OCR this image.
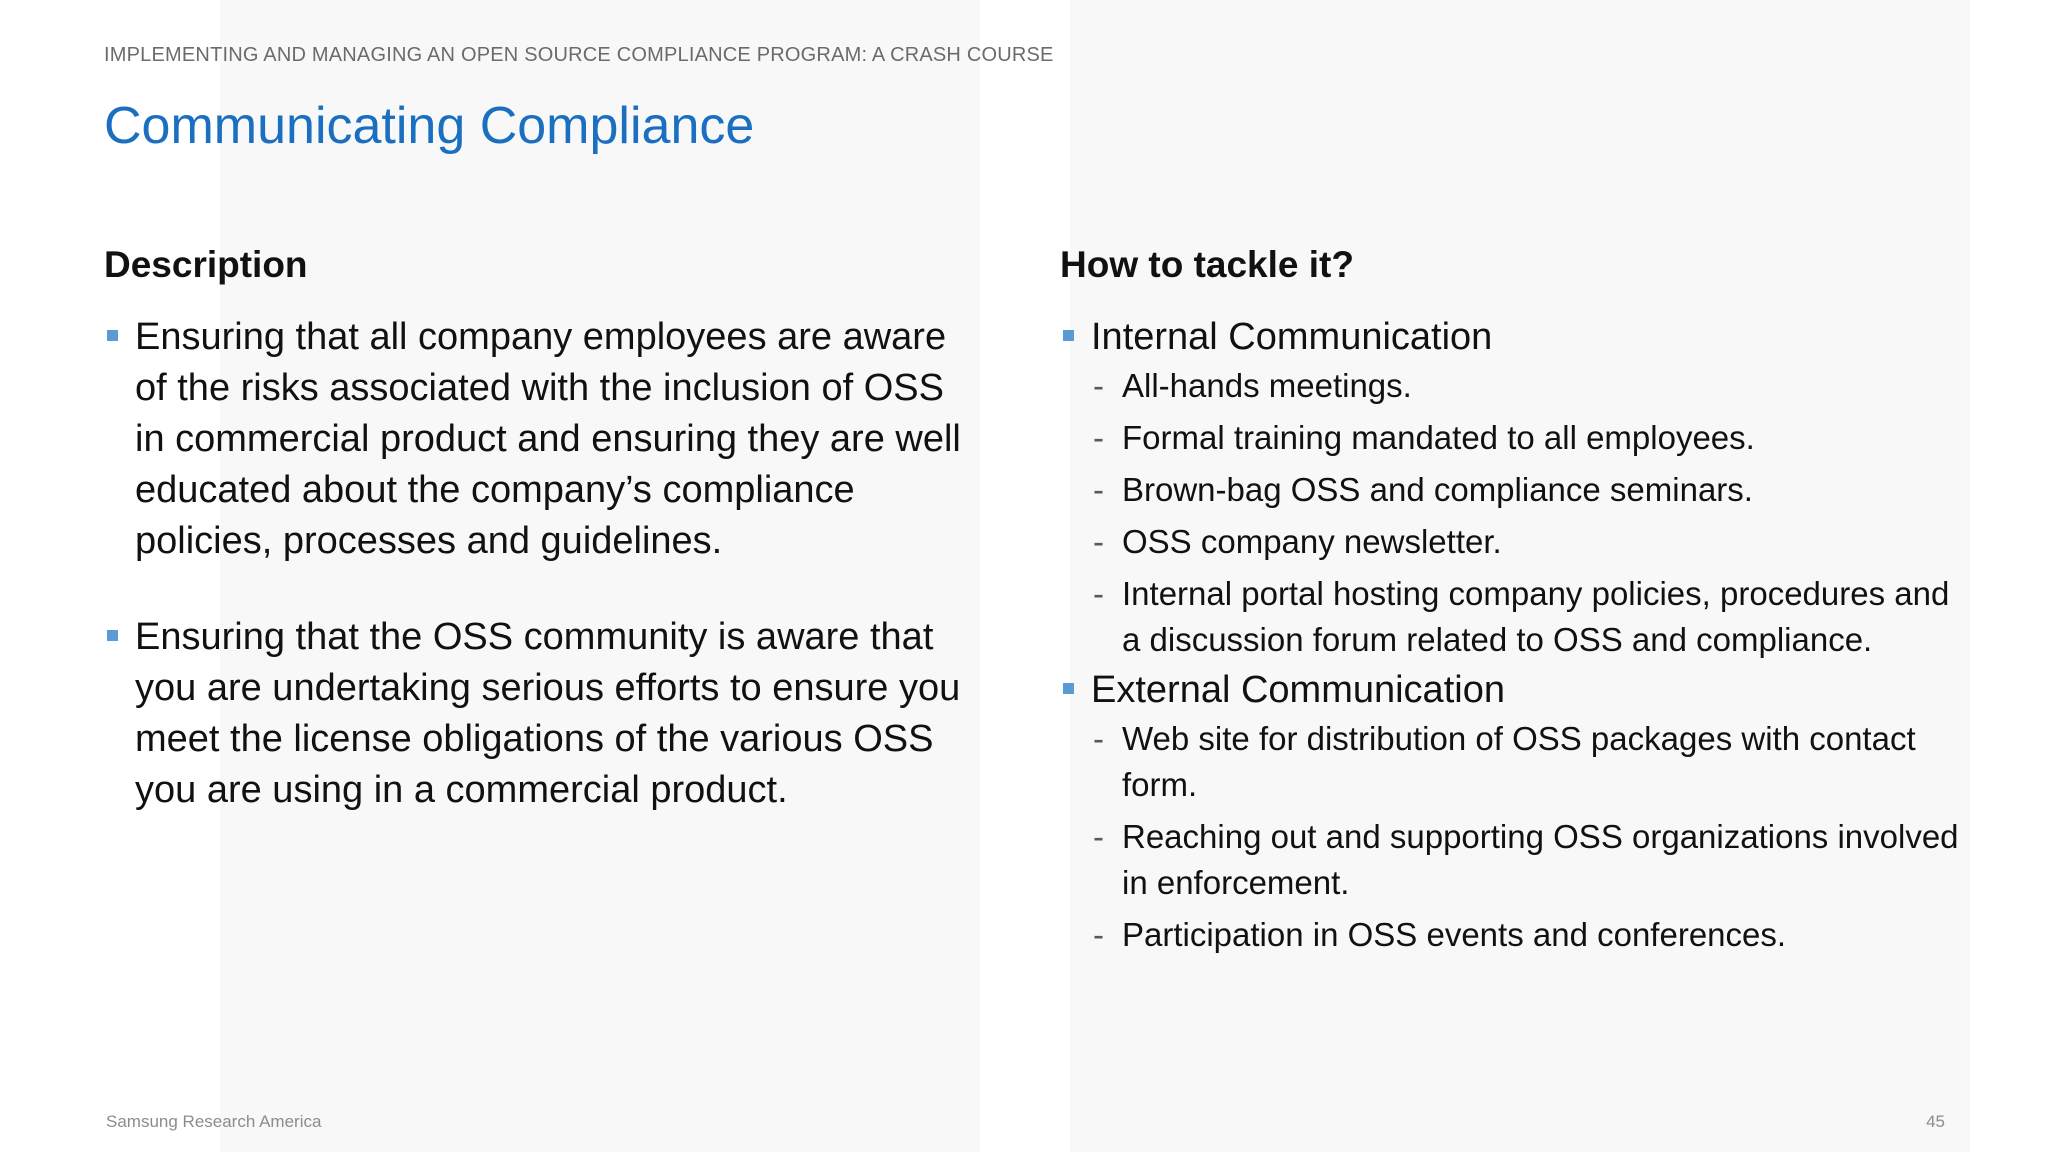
IMPLEMENTING AND MANAGING AN OPEN SOURCE COMPLIANCE PROGRAM: A CRASH COURSE
Communicating Compliance
Description	How to tackle it?
Ensuring that all company employees are aware of the risks associated with the inclusion of OSS in commercial product and ensuring they are well educated about the company’s compliance policies, processes and guidelines.
Ensuring that the OSS community is aware that you are undertaking serious efforts to ensure you meet the license obligations of the various OSS you are using in a commercial product.
Internal Communication
- All-hands meetings.
- Formal training mandated to all employees.
- Brown-bag OSS and compliance seminars.
- OSS company newsletter.
- Internal portal hosting company policies, procedures and a discussion forum related to OSS and compliance.
External Communication
- Web site for distribution of OSS packages with contact form.
- Reaching out and supporting OSS organizations involved in enforcement.
- Participation in OSS events and conferences.
Samsung Research America	45
